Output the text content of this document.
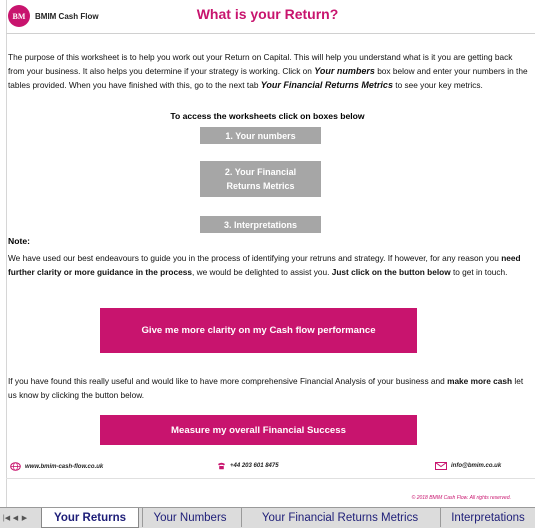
BM	BMIM Cash Flow	What is your Return?
The purpose of this worksheet is to help you work out your Return on Capital. This will help you understand what is it you are getting back from your business. It also helps you determine if your strategy is working. Click on Your numbers box below and enter your numbers in the tables provided. When you have finished with this, go to the next tab Your Financial Returns Metrics to see your key metrics.
To access the worksheets click on boxes below
1. Your numbers
2. Your Financial
Returns Metrics
3. Interpretations
Note:
We have used our best endeavours to guide you in the process of identifying your retruns and strategy. If however, for any reason you need further clarity or more guidance in the process, we would be delighted to assist you. Just click on the button below to get in touch.
Give me more clarity on my Cash flow performance
If you have found this really useful and would like to have more comprehensive Financial Analysis of your business and make more cash let us know by clicking the button below.
Measure my overall Financial Success
www.bmim-cash-flow.co.uk	+44 203 601 8475	info@bmim.co.uk
© 2018 BMIM Cash Flow. All rights reserved.
|◀ ◀ ▶ Your Returns Your Numbers	Your Financial Returns Metrics	Interpretations
